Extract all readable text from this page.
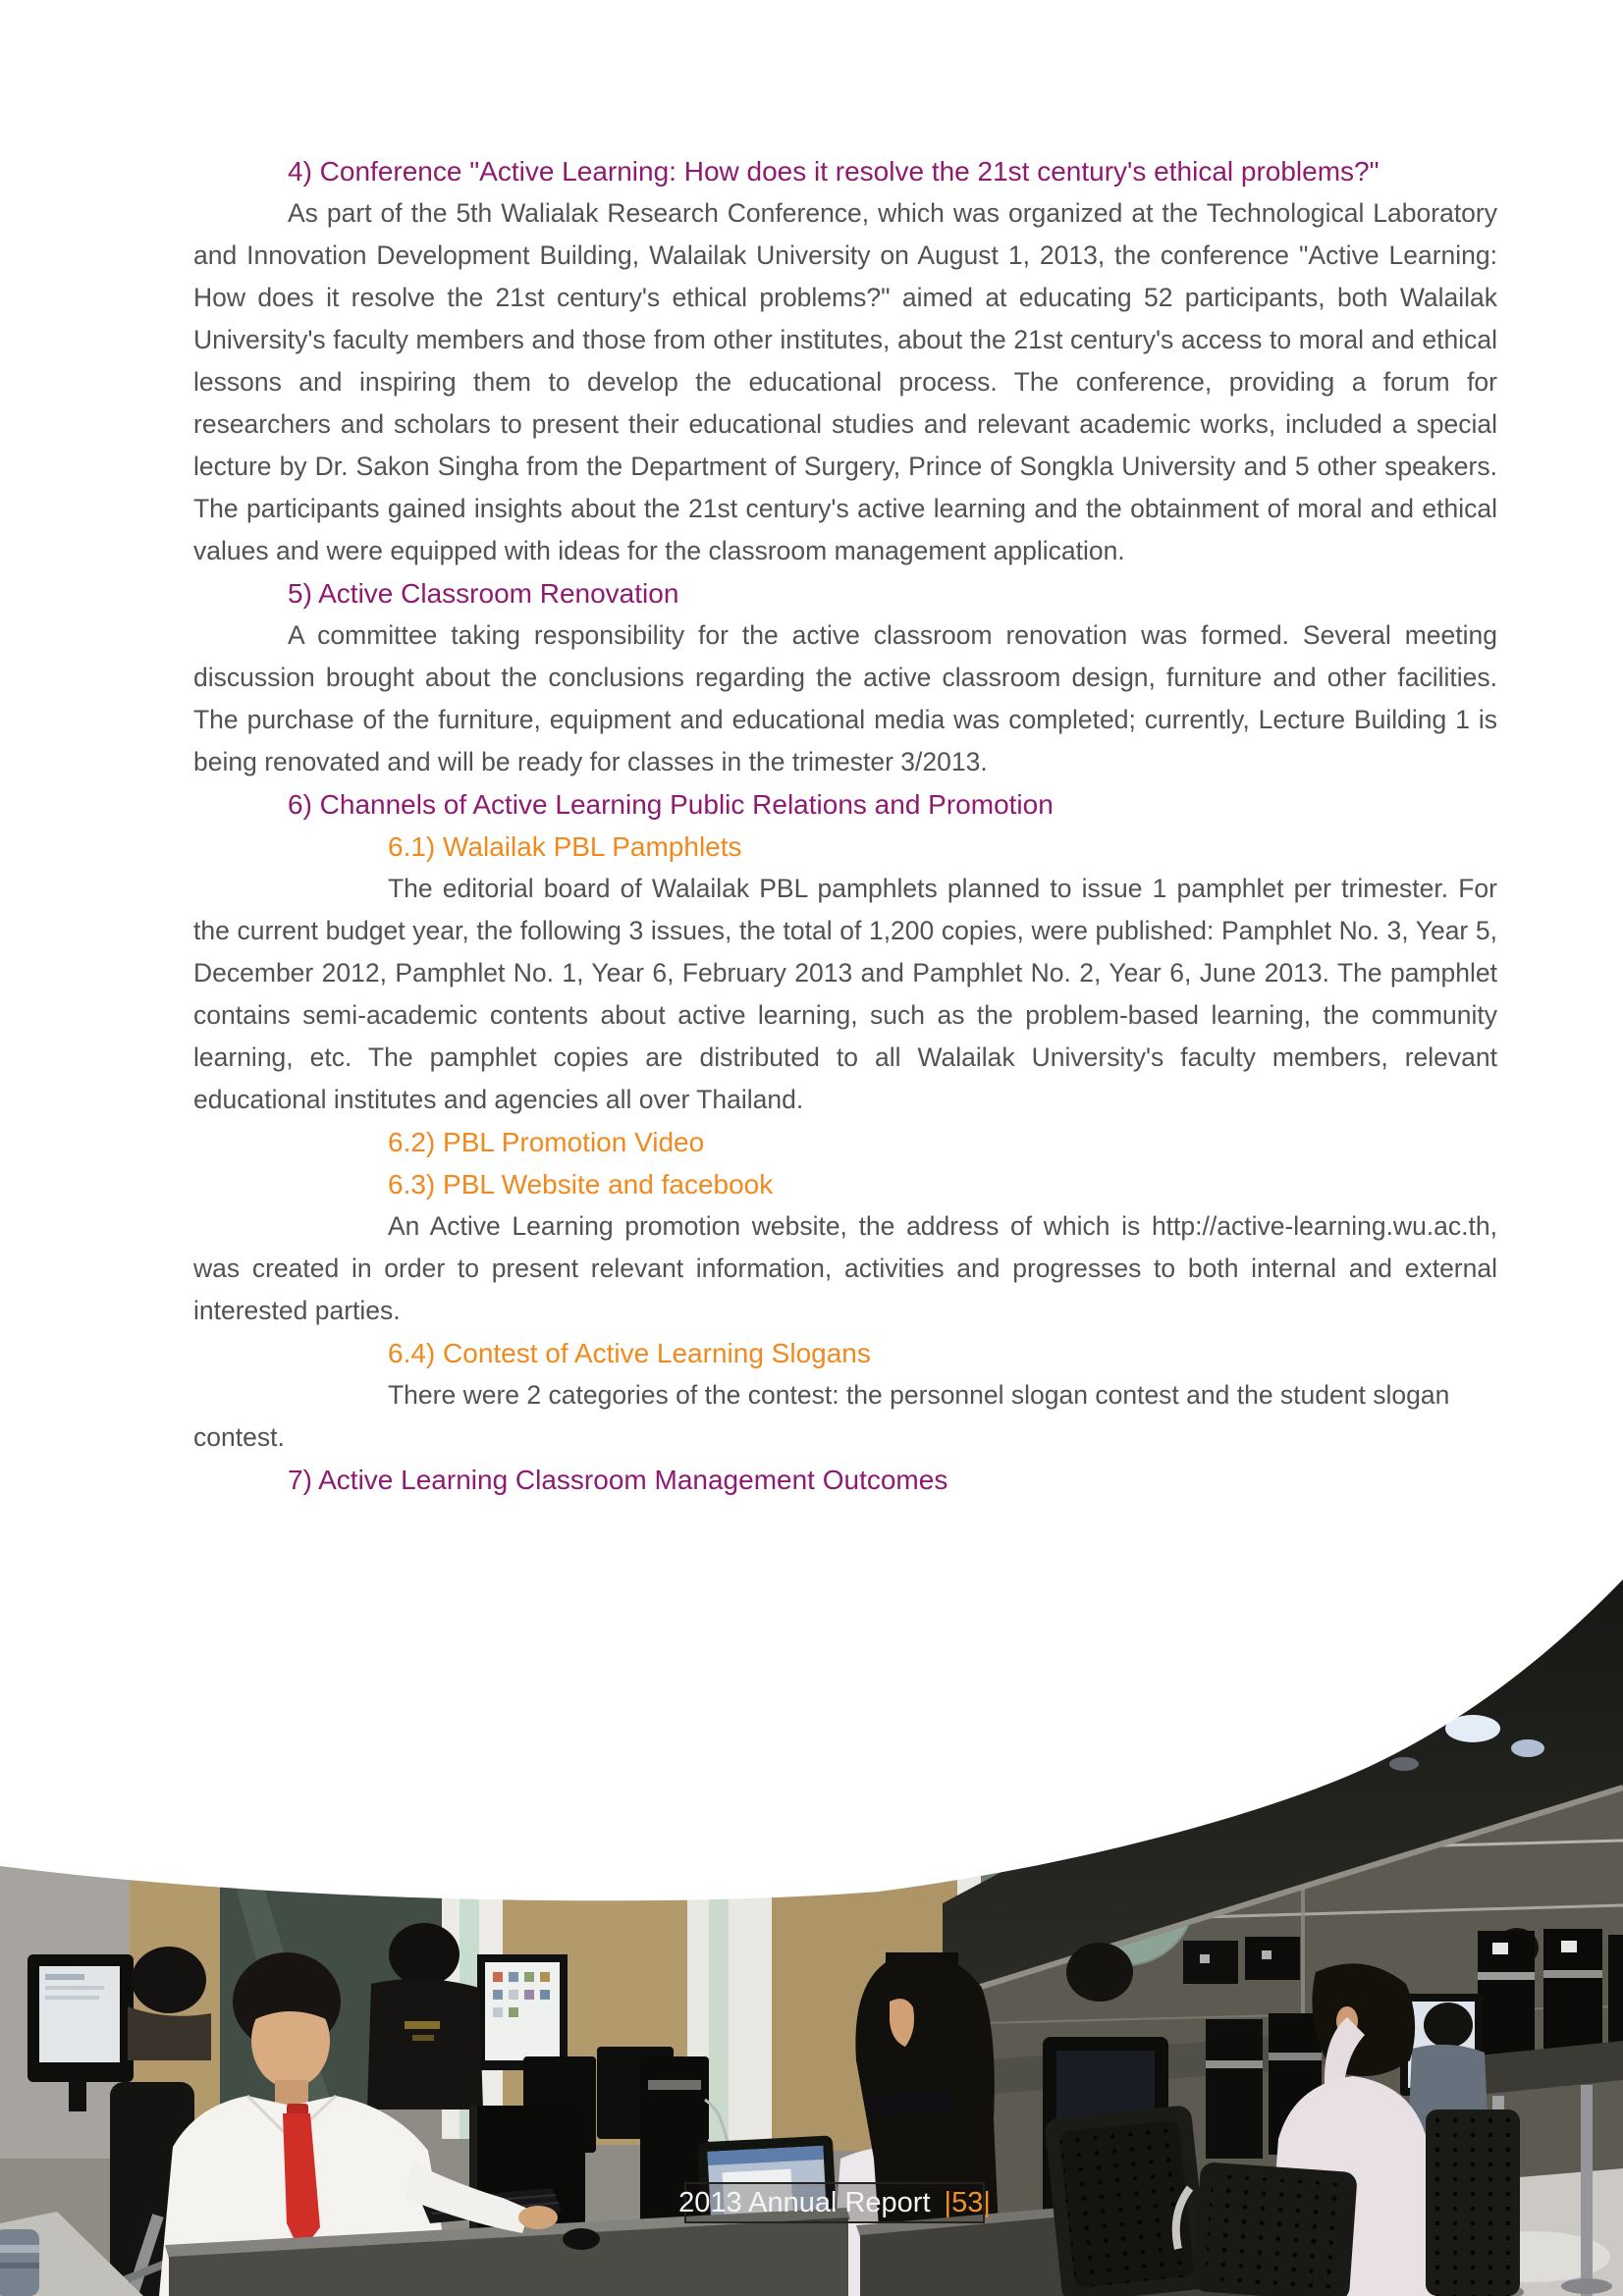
4) Conference "Active Learning: How does it resolve the 21st century's ethical problems?"

As part of the 5th Walialak Research Conference, which was organized at the Technological Laboratory and Innovation Development Building, Walailak University on August 1, 2013, the conference "Active Learning: How does it resolve the 21st century's ethical problems?" aimed at educating 52 participants, both Walailak University's faculty members and those from other institutes, about the 21st century's access to moral and ethical lessons and inspiring them to develop the educational process. The conference, providing a forum for researchers and scholars to present their educational studies and relevant academic works, included a special lecture by Dr. Sakon Singha from the Department of Surgery, Prince of Songkla University and 5 other speakers. The participants gained insights about the 21st century's active learning and the obtainment of moral and ethical values and were equipped with ideas for the classroom management application.

5) Active Classroom Renovation

A committee taking responsibility for the active classroom renovation was formed. Several meeting discussion brought about the conclusions regarding the active classroom design, furniture and other facilities. The purchase of the furniture, equipment and educational media was completed; currently, Lecture Building 1 is being renovated and will be ready for classes in the trimester 3/2013.

6) Channels of Active Learning Public Relations and Promotion
6.1) Walailak PBL Pamphlets

The editorial board of Walailak PBL pamphlets planned to issue 1 pamphlet per trimester. For the current budget year, the following 3 issues, the total of 1,200 copies, were published: Pamphlet No. 3, Year 5, December 2012, Pamphlet No. 1, Year 6, February 2013 and Pamphlet No. 2, Year 6, June 2013. The pamphlet contains semi-academic contents about active learning, such as the problem-based learning, the community learning, etc. The pamphlet copies are distributed to all Walailak University's faculty members, relevant educational institutes and agencies all over Thailand.

6.2) PBL Promotion Video
6.3) PBL Website and facebook

An Active Learning promotion website, the address of which is http://active-learning.wu.ac.th, was created in order to present relevant information, activities and progresses to both internal and external interested parties.

6.4) Contest of Active Learning Slogans

There were 2 categories of the contest: the personnel slogan contest and the student slogan contest.

7) Active Learning Classroom Management Outcomes

2013 Annual Report |53|
